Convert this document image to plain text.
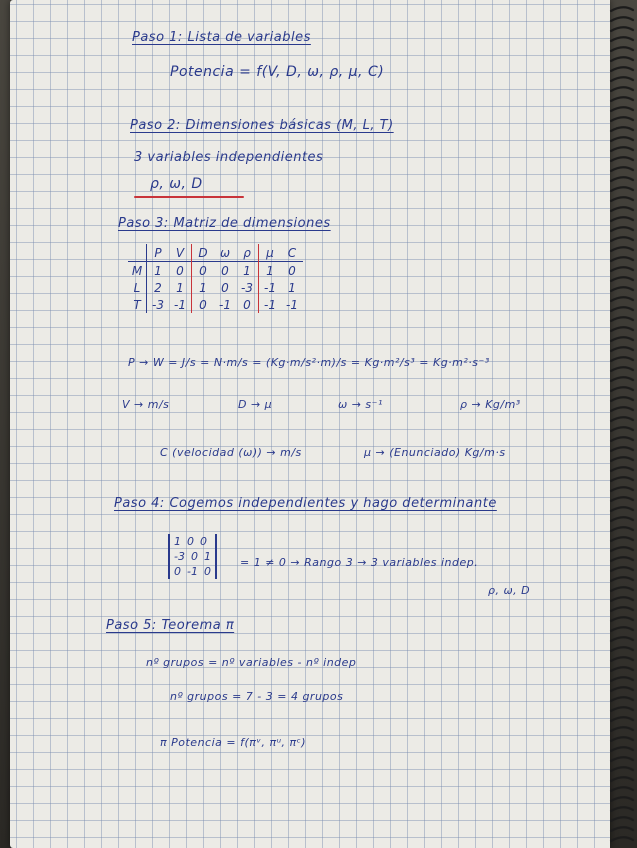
Paso 1: Lista de variables
Potencia = f(V, D, ω, ρ, μ, C)
Paso 2: Dimensiones básicas (M, L, T)
3 variables independientes
ρ, ω, D
Paso 3: Matriz de dimensiones
	P	V	D	ω	ρ	μ	C
M	1	0	0	0	1	1	0
L	2	1	1	0	-3	-1	1
T	-3	-1	0	-1	0	-1	-1
P → W = J/s = N·m/s = (Kg·m/s²·m)/s = Kg·m²/s³ = Kg·m²·s⁻³
V → m/s	D → μ	ω → s⁻¹	ρ → Kg/m³
C (velocidad (ω)) → m/s	μ → (Enunciado) Kg/m·s
Paso 4: Cogemos independientes y hago determinante
1 0 0
-3 0 1
0 -1 0
= 1 ≠ 0 → Rango 3 → 3 variables indep.
ρ, ω, D
Paso 5: Teorema π
nº grupos = nº variables - nº indep
nº grupos = 7 - 3 = 4 grupos
π Potencia = f(πᵛ, πᵘ, πᶜ)
